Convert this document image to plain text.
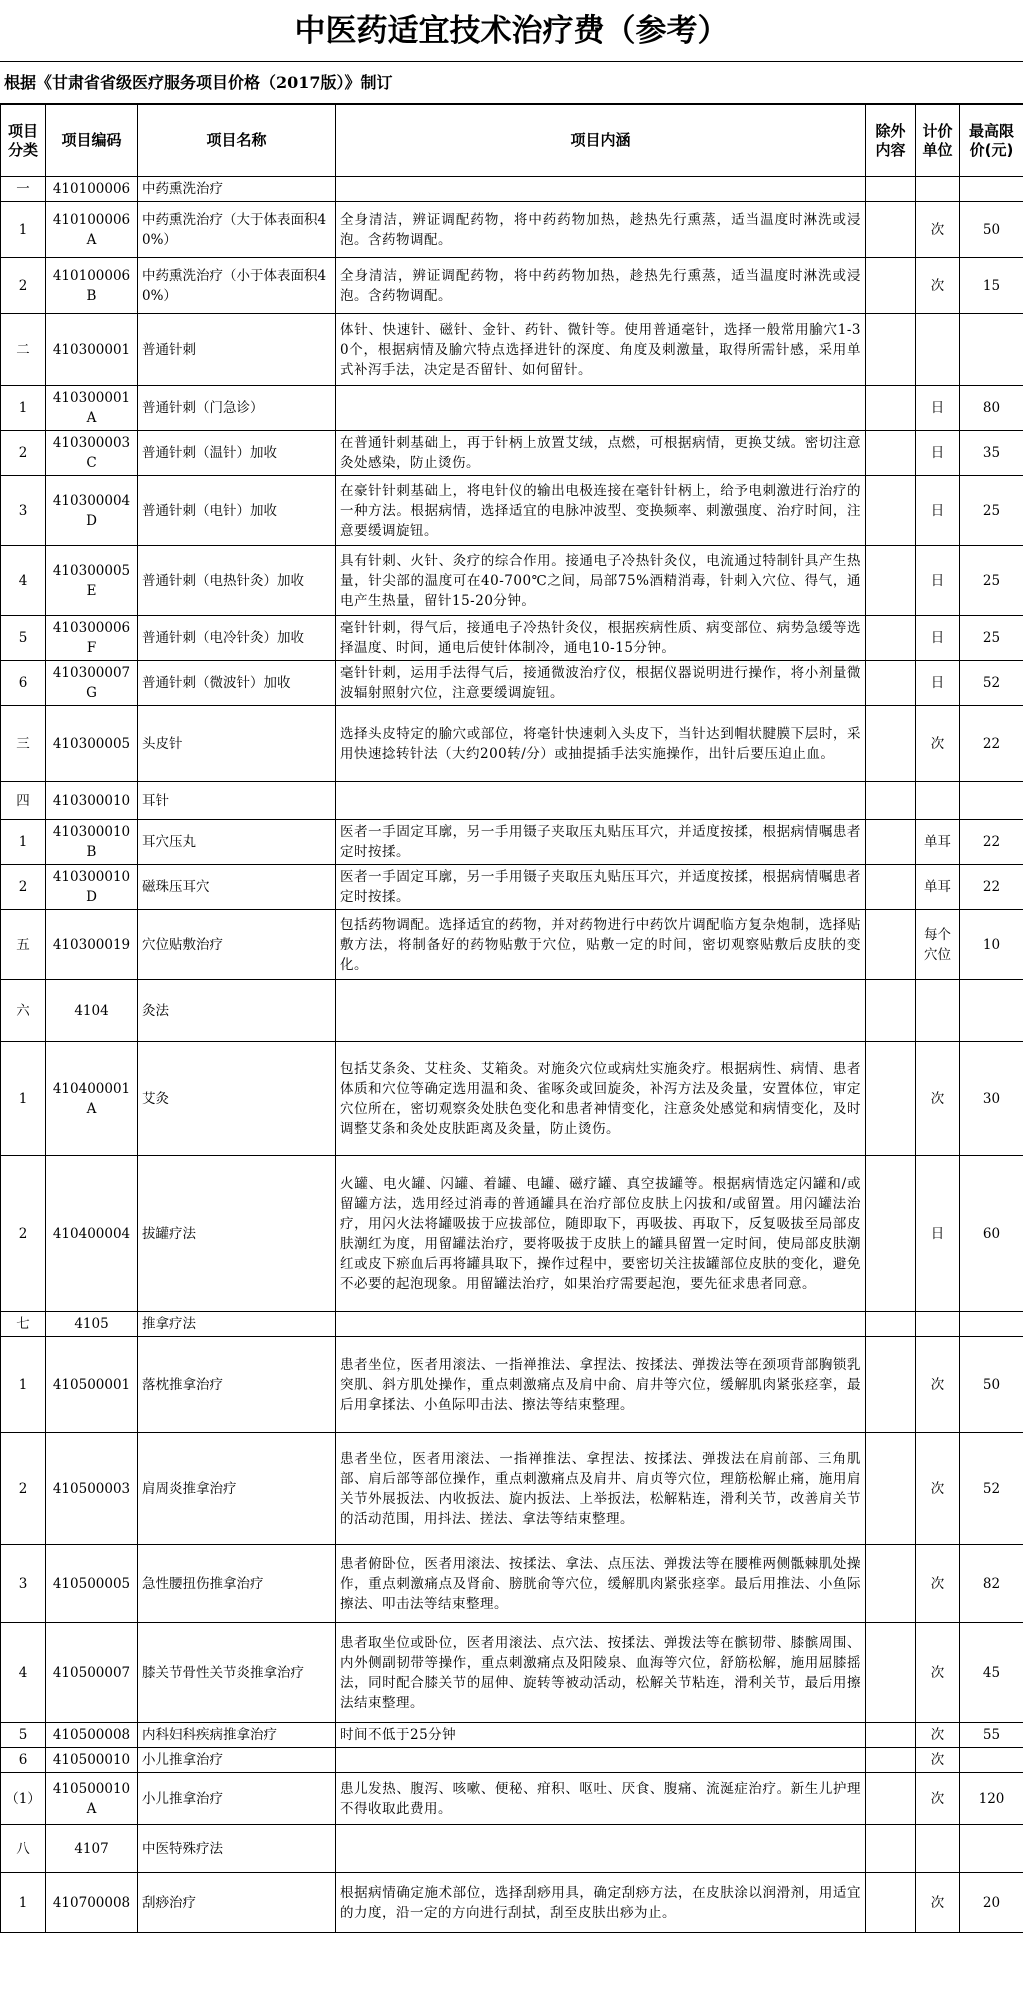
中医药适宜技术治疗费（参考）
根据《甘肃省省级医疗服务项目价格（2017版）》制订
项目分类	项目编码	项目名称	项目内涵	除外内容	计价单位	最高限价(元)
一	410100006	中药熏洗治疗				
1	410100006A	中药熏洗治疗（大于体表面积40%）	全身清洁，辨证调配药物，将中药药物加热，趁热先行熏蒸，适当温度时淋洗或浸泡。含药物调配。		次	50
2	410100006B	中药熏洗治疗（小于体表面积40%）	全身清洁，辨证调配药物，将中药药物加热，趁热先行熏蒸，适当温度时淋洗或浸泡。含药物调配。		次	15
二	410300001	普通针刺	体针、快速针、磁针、金针、药针、微针等。使用普通毫针，选择一般常用腧穴1-30个，根据病情及腧穴特点选择进针的深度、角度及刺激量，取得所需针感，采用单式补泻手法，决定是否留针、如何留针。			
1	410300001A	普通针刺（门急诊）			日	80
2	410300003C	普通针刺（温针）加收	在普通针刺基础上，再于针柄上放置艾绒，点燃，可根据病情，更换艾绒。密切注意灸处感染，防止烫伤。		日	35
3	410300004D	普通针刺（电针）加收	在豪针针刺基础上，将电针仪的输出电极连接在毫针针柄上，给予电刺激进行治疗的一种方法。根据病情，选择适宜的电脉冲波型、变换频率、刺激强度、治疗时间，注意要缓调旋钮。		日	25
4	410300005E	普通针刺（电热针灸）加收	具有针刺、火针、灸疗的综合作用。接通电子冷热针灸仪，电流通过特制针具产生热量，针尖部的温度可在40-700℃之间，局部75%酒精消毒，针刺入穴位、得气，通电产生热量，留针15-20分钟。		日	25
5	410300006F	普通针刺（电冷针灸）加收	毫针针刺，得气后，接通电子冷热针灸仪，根据疾病性质、病变部位、病势急缓等选择温度、时间，通电后使针体制冷，通电10-15分钟。		日	25
6	410300007G	普通针刺（微波针）加收	毫针针刺，运用手法得气后，接通微波治疗仪，根据仪器说明进行操作，将小剂量微波辐射照射穴位，注意要缓调旋钮。		日	52
三	410300005	头皮针	选择头皮特定的腧穴或部位，将毫针快速刺入头皮下，当针达到帽状腱膜下层时，采用快速捻转针法（大约200转/分）或抽提插手法实施操作，出针后要压迫止血。		次	22
四	410300010	耳针				
1	410300010B	耳穴压丸	医者一手固定耳廓，另一手用镊子夹取压丸贴压耳穴，并适度按揉，根据病情嘱患者定时按揉。		单耳	22
2	410300010D	磁珠压耳穴	医者一手固定耳廓，另一手用镊子夹取压丸贴压耳穴，并适度按揉，根据病情嘱患者定时按揉。		单耳	22
五	410300019	穴位贴敷治疗	包括药物调配。选择适宜的药物，并对药物进行中药饮片调配临方复杂炮制，选择贴敷方法，将制备好的药物贴敷于穴位，贴敷一定的时间，密切观察贴敷后皮肤的变化。		每个穴位	10
六	4104	灸法				
1	410400001A	艾灸	包括艾条灸、艾柱灸、艾箱灸。对施灸穴位或病灶实施灸疗。根据病性、病情、患者体质和穴位等确定选用温和灸、雀啄灸或回旋灸，补泻方法及灸量，安置体位，审定穴位所在，密切观察灸处肤色变化和患者神情变化，注意灸处感觉和病情变化，及时调整艾条和灸处皮肤距离及灸量，防止烫伤。		次	30
2	410400004	拔罐疗法	火罐、电火罐、闪罐、着罐、电罐、磁疗罐、真空拔罐等。根据病情选定闪罐和/或留罐方法，选用经过消毒的普通罐具在治疗部位皮肤上闪拔和/或留置。用闪罐法治疗，用闪火法将罐吸拔于应拔部位，随即取下，再吸拔、再取下，反复吸拔至局部皮肤潮红为度，用留罐法治疗，要将吸拔于皮肤上的罐具留置一定时间，使局部皮肤潮红或皮下瘀血后再将罐具取下，操作过程中，要密切关注拔罐部位皮肤的变化，避免不必要的起泡现象。用留罐法治疗，如果治疗需要起泡，要先征求患者同意。		日	60
七	4105	推拿疗法				
1	410500001	落枕推拿治疗	患者坐位，医者用滚法、一指禅推法、拿捏法、按揉法、弹拨法等在颈项背部胸锁乳突肌、斜方肌处操作，重点刺激痛点及肩中俞、肩井等穴位，缓解肌肉紧张痉挛，最后用拿揉法、小鱼际叩击法、擦法等结束整理。		次	50
2	410500003	肩周炎推拿治疗	患者坐位，医者用滚法、一指禅推法、拿捏法、按揉法、弹拨法在肩前部、三角肌部、肩后部等部位操作，重点刺激痛点及肩井、肩贞等穴位，理筋松解止痛，施用肩关节外展扳法、内收扳法、旋内扳法、上举扳法，松解粘连，滑利关节，改善肩关节的活动范围，用抖法、搓法、拿法等结束整理。		次	52
3	410500005	急性腰扭伤推拿治疗	患者俯卧位，医者用滚法、按揉法、拿法、点压法、弹拨法等在腰椎两侧骶棘肌处操作，重点刺激痛点及肾俞、膀胱俞等穴位，缓解肌肉紧张痉挛。最后用推法、小鱼际擦法、叩击法等结束整理。		次	82
4	410500007	膝关节骨性关节炎推拿治疗	患者取坐位或卧位，医者用滚法、点穴法、按揉法、弹拨法等在髌韧带、膝髌周围、内外侧副韧带等操作，重点刺激痛点及阳陵泉、血海等穴位，舒筋松解，施用屈膝摇法，同时配合膝关节的屈伸、旋转等被动活动，松解关节粘连，滑利关节，最后用擦法结束整理。		次	45
5	410500008	内科妇科疾病推拿治疗	时间不低于25分钟		次	55
6	410500010	小儿推拿治疗			次	
（1）	410500010A	小儿推拿治疗	患儿发热、腹泻、咳嗽、便秘、疳积、呕吐、厌食、腹痛、流涎症治疗。新生儿护理不得收取此费用。		次	120
八	4107	中医特殊疗法				
1	410700008	刮痧治疗	根据病情确定施术部位，选择刮痧用具，确定刮痧方法，在皮肤涂以润滑剂，用适宜的力度，沿一定的方向进行刮拭，刮至皮肤出痧为止。		次	20
